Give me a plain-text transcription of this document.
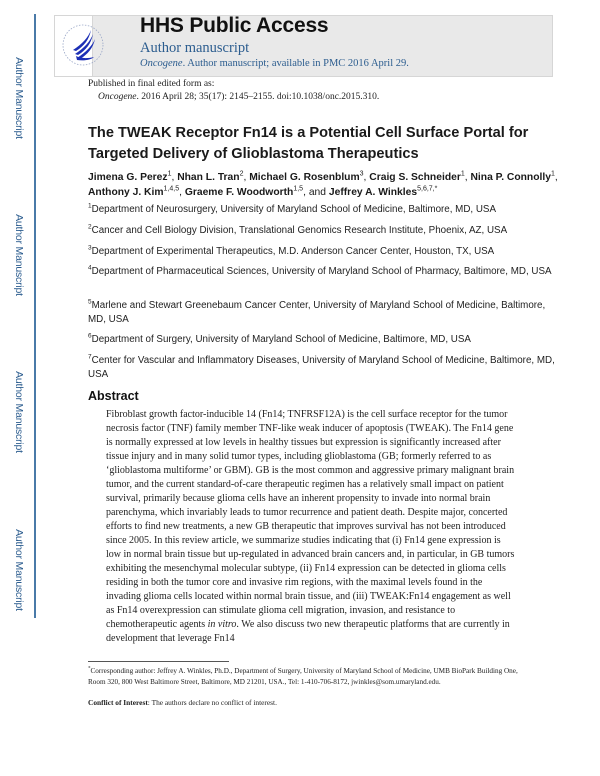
Author Manuscript
Author Manuscript
Author Manuscript
Author Manuscript
HHS Public Access
Author manuscript
Oncogene. Author manuscript; available in PMC 2016 April 29.
Published in final edited form as:
Oncogene. 2016 April 28; 35(17): 2145–2155. doi:10.1038/onc.2015.310.
The TWEAK Receptor Fn14 is a Potential Cell Surface Portal for Targeted Delivery of Glioblastoma Therapeutics
Jimena G. Perez$^1$, Nhan L. Tran$^2$, Michael G. Rosenblum$^3$, Craig S. Schneider$^1$, Nina P. Connolly$^1$, Anthony J. Kim$^{1,4,5}$, Graeme F. Woodworth$^{1,5}$, and Jeffrey A. Winkles$^{5,6,7,*}$
$^1$Department of Neurosurgery, University of Maryland School of Medicine, Baltimore, MD, USA
$^2$Cancer and Cell Biology Division, Translational Genomics Research Institute, Phoenix, AZ, USA
$^3$Department of Experimental Therapeutics, M.D. Anderson Cancer Center, Houston, TX, USA
$^4$Department of Pharmaceutical Sciences, University of Maryland School of Pharmacy, Baltimore, MD, USA
$^5$Marlene and Stewart Greenebaum Cancer Center, University of Maryland School of Medicine, Baltimore, MD, USA
$^6$Department of Surgery, University of Maryland School of Medicine, Baltimore, MD, USA
$^7$Center for Vascular and Inflammatory Diseases, University of Maryland School of Medicine, Baltimore, MD, USA
Abstract

Fibroblast growth factor-inducible 14 (Fn14; TNFRSF12A) is the cell surface receptor for the tumor necrosis factor (TNF) family member TNF-like weak inducer of apoptosis (TWEAK). The Fn14 gene is normally expressed at low levels in healthy tissues but expression is significantly increased after tissue injury and in many solid tumor types, including glioblastoma (GB; formerly referred to as ‘glioblastoma multiforme’ or GBM). GB is the most common and aggressive primary malignant brain tumor, and the current standard-of-care therapeutic regimen has a relatively small impact on patient survival, primarily because glioma cells have an inherent propensity to invade into normal brain parenchyma, which invariably leads to tumor recurrence and patient death. Despite major, concerted efforts to find new treatments, a new GB therapeutic that improves survival has not been introduced since 2005. In this review article, we summarize studies indicating that (i) Fn14 gene expression is low in normal brain tissue but up-regulated in advanced brain cancers and, in particular, in GB tumors exhibiting the mesenchymal molecular subtype, (ii) Fn14 expression can be detected in glioma cells residing in both the tumor core and invasive rim regions, with the maximal levels found in the invading glioma cells located within normal brain tissue, and (iii) TWEAK:Fn14 engagement as well as Fn14 overexpression can stimulate glioma cell migration, invasion, and resistance to chemotherapeutic agents in vitro. We also discuss two new therapeutic platforms that are currently in development that leverage Fn14

*Corresponding author: Jeffrey A. Winkles, Ph.D., Department of Surgery, University of Maryland School of Medicine, UMB BioPark Building One, Room 320, 800 West Baltimore Street, Baltimore, MD 21201, USA., Tel: 1-410-706-8172, jwinkles@som.umaryland.edu.
Conflict of Interest: The authors declare no conflict of interest.
